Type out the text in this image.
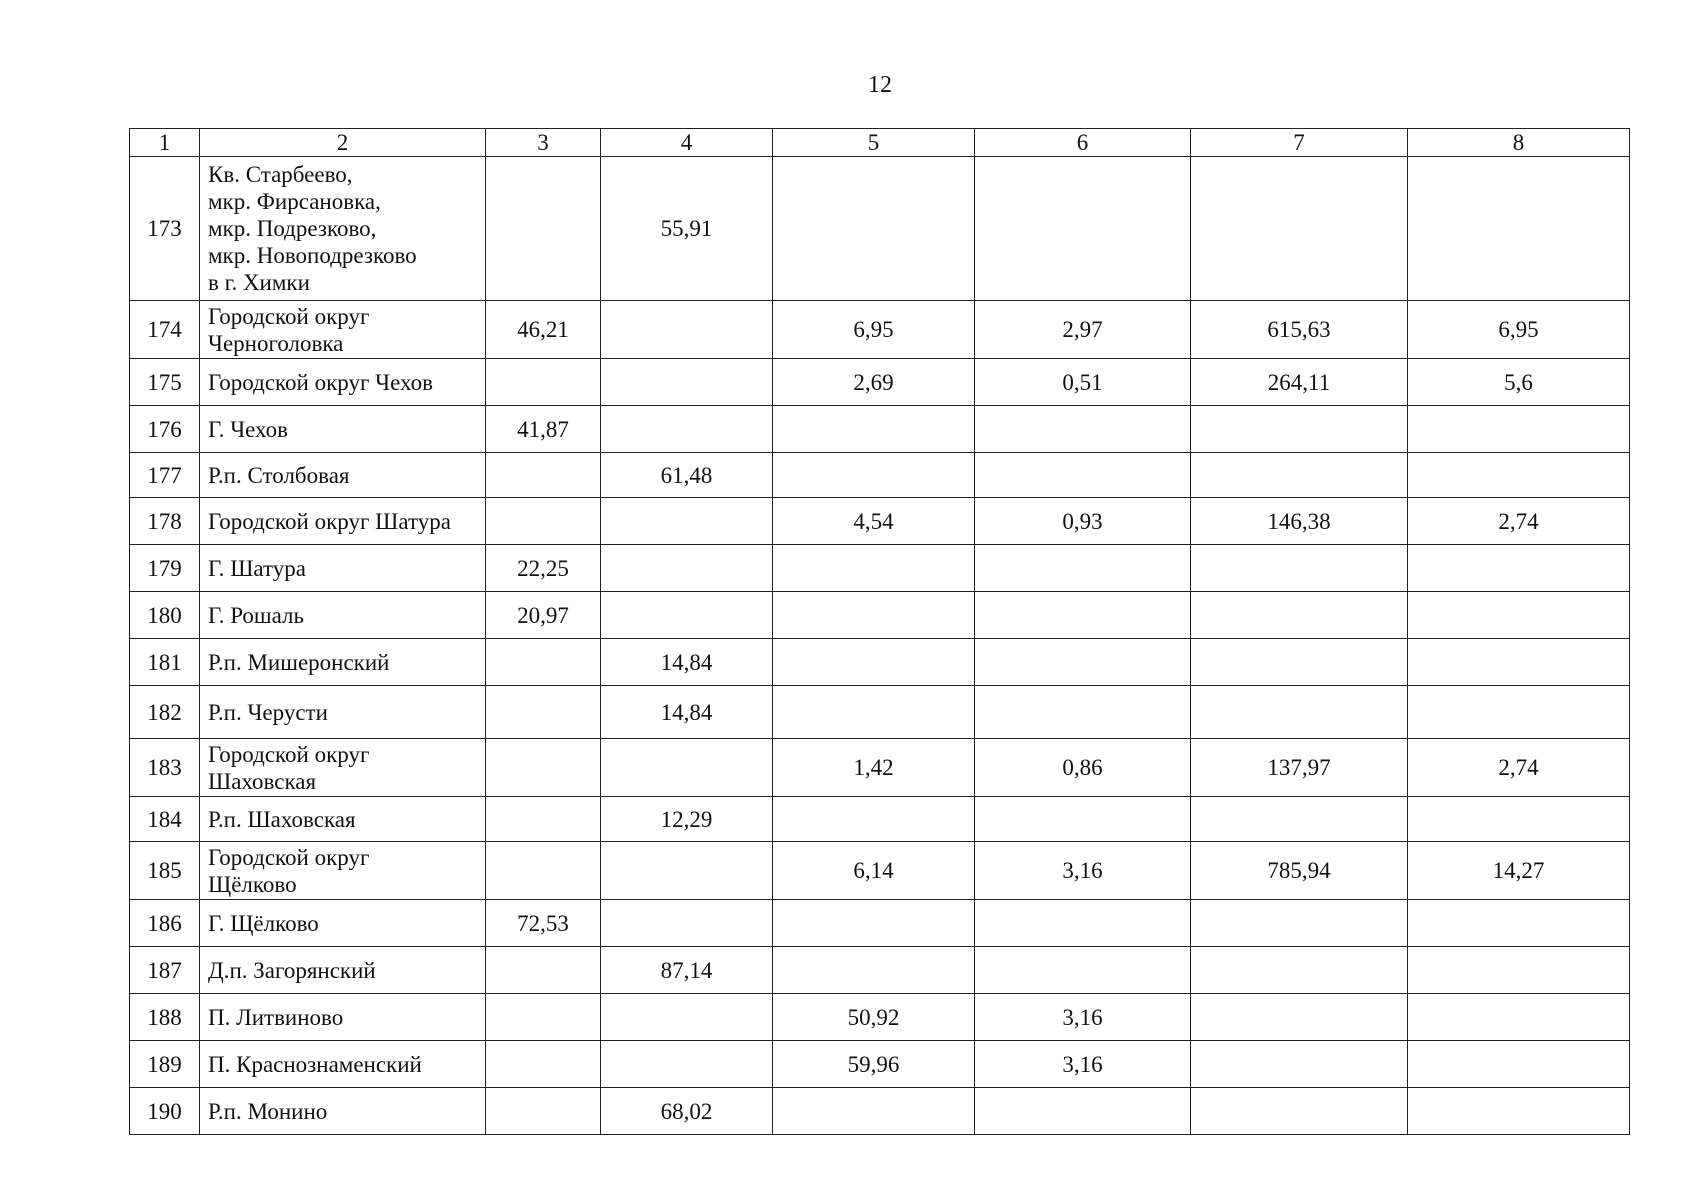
12
1	2	3	4	5	6	7	8
173	Кв. Старбеево,
мкр. Фирсановка,
мкр. Подрезково,
мкр. Новоподрезково
в г. Химки		55,91				
174	Городской округ
Черноголовка	46,21		6,95	2,97	615,63	6,95
175	Городской округ Чехов			2,69	0,51	264,11	5,6
176	Г. Чехов	41,87					
177	Р.п. Столбовая		61,48				
178	Городской округ Шатура			4,54	0,93	146,38	2,74
179	Г. Шатура	22,25					
180	Г. Рошаль	20,97					
181	Р.п. Мишеронский		14,84				
182	Р.п. Черусти		14,84				
183	Городской округ
Шаховская			1,42	0,86	137,97	2,74
184	Р.п. Шаховская		12,29				
185	Городской округ
Щёлково			6,14	3,16	785,94	14,27
186	Г. Щёлково	72,53					
187	Д.п. Загорянский		87,14				
188	П. Литвиново			50,92	3,16		
189	П. Краснознаменский			59,96	3,16		
190	Р.п. Монино		68,02				
